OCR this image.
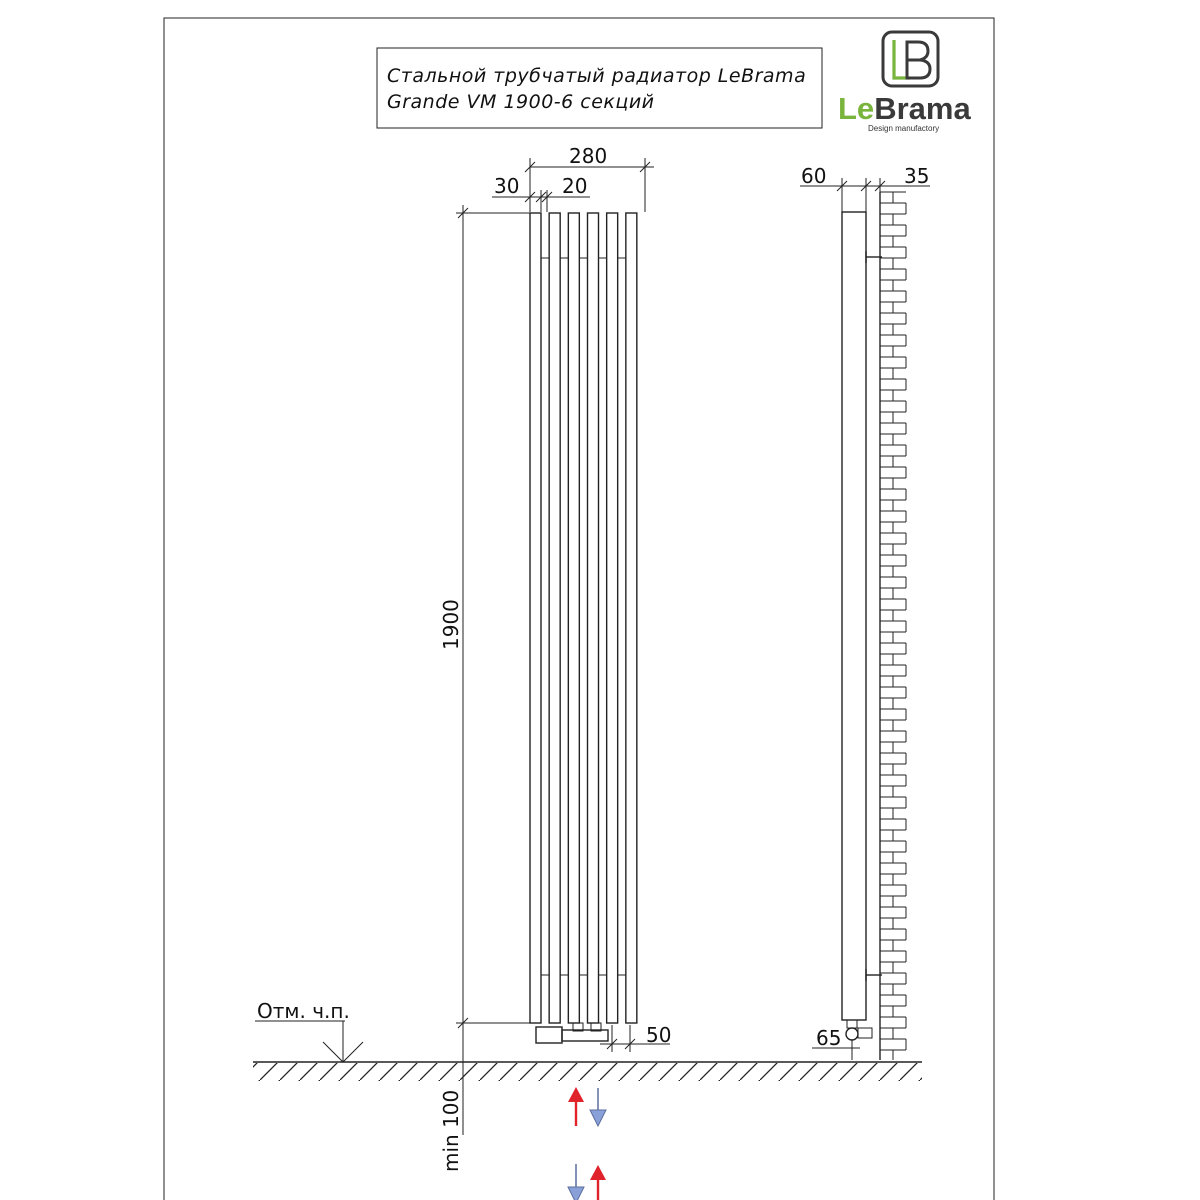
Стальной трубчатый радиатор LeBrama
Grande VM 1900-6 секций	LeBrama
Design manufactory
280
30 20
1900
min 100
50	65
60	35
Отм. ч.п.
